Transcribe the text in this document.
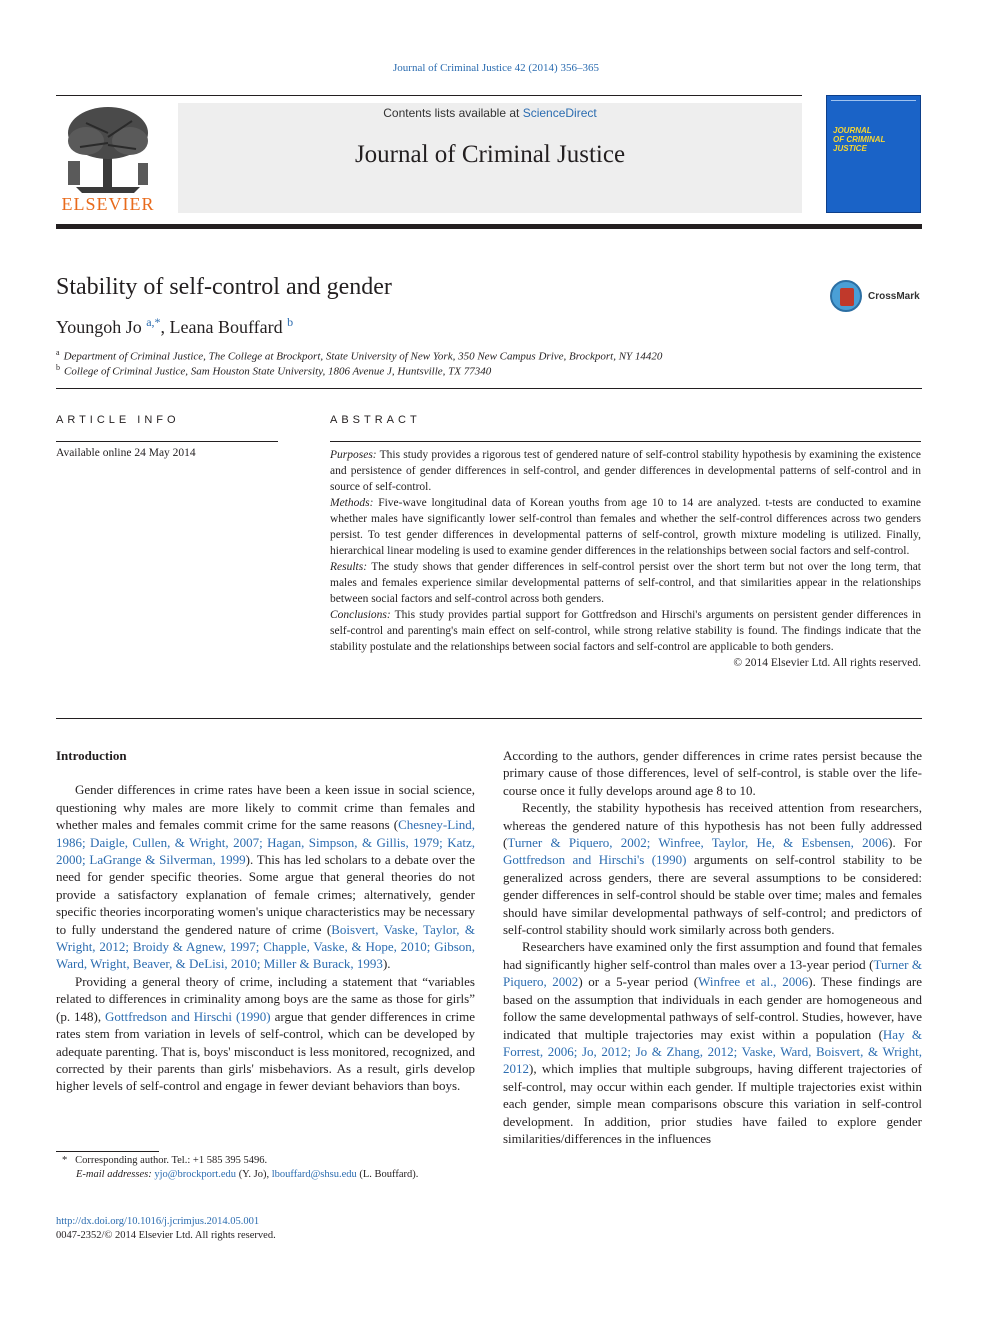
Journal of Criminal Justice 42 (2014) 356–365
ELSEVIER
Contents lists available at ScienceDirect
Journal of Criminal Justice
JOURNAL
OF CRIMINAL
JUSTICE
Stability of self-control and gender	CrossMark
Youngoh Jo $^{a,*}$, Leana Bouffard $^b$
$^a$ Department of Criminal Justice, The College at Brockport, State University of New York, 350 New Campus Drive, Brockport, NY 14420
$^b$ College of Criminal Justice, Sam Houston State University, 1806 Avenue J, Huntsville, TX 77340
ARTICLE INFO
Available online 24 May 2014
ABSTRACT

Purposes: This study provides a rigorous test of gendered nature of self-control stability hypothesis by examining the existence and persistence of gender differences in self-control, and gender differences in developmental patterns of self-control and in source of self-control.

Methods: Five-wave longitudinal data of Korean youths from age 10 to 14 are analyzed. t-tests are conducted to examine whether males have significantly lower self-control than females and whether the self-control differences across two genders persist. To test gender differences in developmental patterns of self-control, growth mixture modeling is utilized. Finally, hierarchical linear modeling is used to examine gender differences in the relationships between social factors and self-control.

Results: The study shows that gender differences in self-control persist over the short term but not over the long term, that males and females experience similar developmental patterns of self-control, and that similarities appear in the relationships between social factors and self-control across both genders.

Conclusions: This study provides partial support for Gottfredson and Hirschi's arguments on persistent gender differences in self-control and parenting's main effect on self-control, while strong relative stability is found. The findings indicate that the stability postulate and the relationships between social factors and self-control are applicable to both genders.

© 2014 Elsevier Ltd. All rights reserved.

Introduction

Gender differences in crime rates have been a keen issue in social science, questioning why males are more likely to commit crime than females and whether males and females commit crime for the same reasons (Chesney-Lind, 1986; Daigle, Cullen, & Wright, 2007; Hagan, Simpson, & Gillis, 1979; Katz, 2000; LaGrange & Silverman, 1999). This has led scholars to a debate over the need for gender specific theories. Some argue that general theories do not provide a satisfactory explanation of female crimes; alternatively, gender specific theories incorporating women's unique characteristics may be necessary to fully understand the gendered nature of crime (Boisvert, Vaske, Taylor, & Wright, 2012; Broidy & Agnew, 1997; Chapple, Vaske, & Hope, 2010; Gibson, Ward, Wright, Beaver, & DeLisi, 2010; Miller & Burack, 1993).

Providing a general theory of crime, including a statement that “variables related to differences in criminality among boys are the same as those for girls” (p. 148), Gottfredson and Hirschi (1990) argue that gender differences in crime rates stem from variation in levels of self-control, which can be developed by adequate parenting. That is, boys' misconduct is less monitored, recognized, and corrected by their parents than girls' misbehaviors. As a result, girls develop higher levels of self-control and engage in fewer deviant behaviors than boys.

* Corresponding author. Tel.: +1 585 395 5496.
E-mail addresses: yjo@brockport.edu (Y. Jo), lbouffard@shsu.edu (L. Bouffard).
http://dx.doi.org/10.1016/j.jcrimjus.2014.05.001
0047-2352/© 2014 Elsevier Ltd. All rights reserved.

According to the authors, gender differences in crime rates persist because the primary cause of those differences, level of self-control, is stable over the life-course once it fully develops around age 8 to 10.

Recently, the stability hypothesis has received attention from researchers, whereas the gendered nature of this hypothesis has not been fully addressed (Turner & Piquero, 2002; Winfree, Taylor, He, & Esbensen, 2006). For Gottfredson and Hirschi's (1990) arguments on self-control stability to be generalized across genders, there are several assumptions to be considered: gender differences in self-control should be stable over time; males and females should have similar developmental pathways of self-control; and predictors of self-control stability should work similarly across both genders.

Researchers have examined only the first assumption and found that females had significantly higher self-control than males over a 13-year period (Turner & Piquero, 2002) or a 5-year period (Winfree et al., 2006). These findings are based on the assumption that individuals in each gender are homogeneous and follow the same developmental pathways of self-control. Studies, however, have indicated that multiple trajectories may exist within a population (Hay & Forrest, 2006; Jo, 2012; Jo & Zhang, 2012; Vaske, Ward, Boisvert, & Wright, 2012), which implies that multiple subgroups, having different trajectories of self-control, may occur within each gender. If multiple trajectories exist within each gender, simple mean comparisons obscure this variation in self-control development. In addition, prior studies have failed to explore gender similarities/differences in the influences
